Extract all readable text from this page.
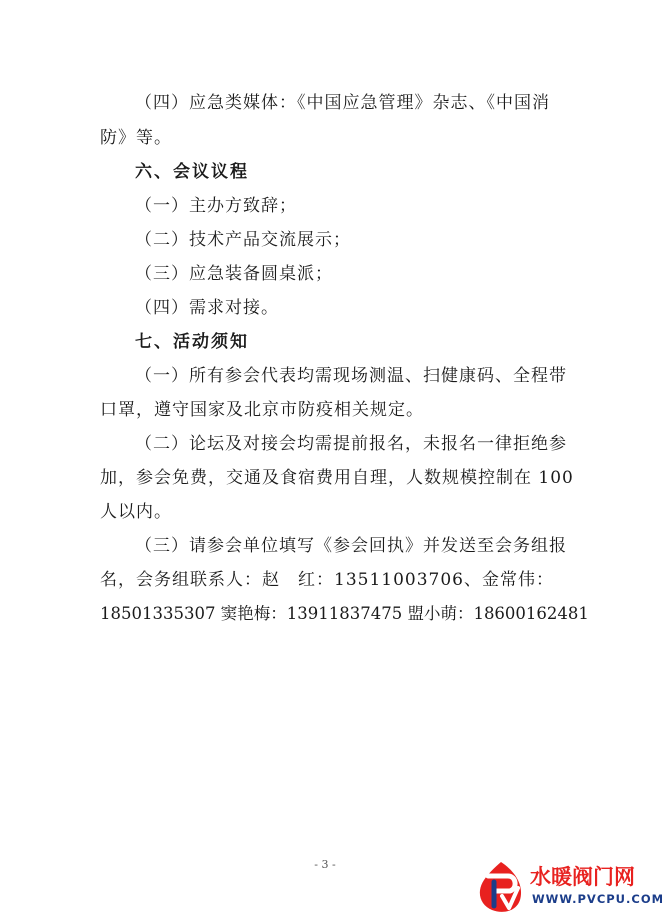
（四）应急类媒体：《中国应急管理》杂志、《中国消
防》等。
六、会议议程
（一）主办方致辞；
（二）技术产品交流展示；
（三）应急装备圆桌派；
（四）需求对接。
七、活动须知
（一）所有参会代表均需现场测温、扫健康码、全程带
口罩，遵守国家及北京市防疫相关规定。
（二）论坛及对接会均需提前报名，未报名一律拒绝参
加，参会免费，交通及食宿费用自理，人数规模控制在 100
人以内。
（三）请参会单位填写《参会回执》并发送至会务组报
名，会务组联系人：赵　红：13511003706、金常伟：
18501335307 窦艳梅：13911837475 盟小萌：18600162481
- 3 -
水暖阀门网
WWW.PVCPU.COM
